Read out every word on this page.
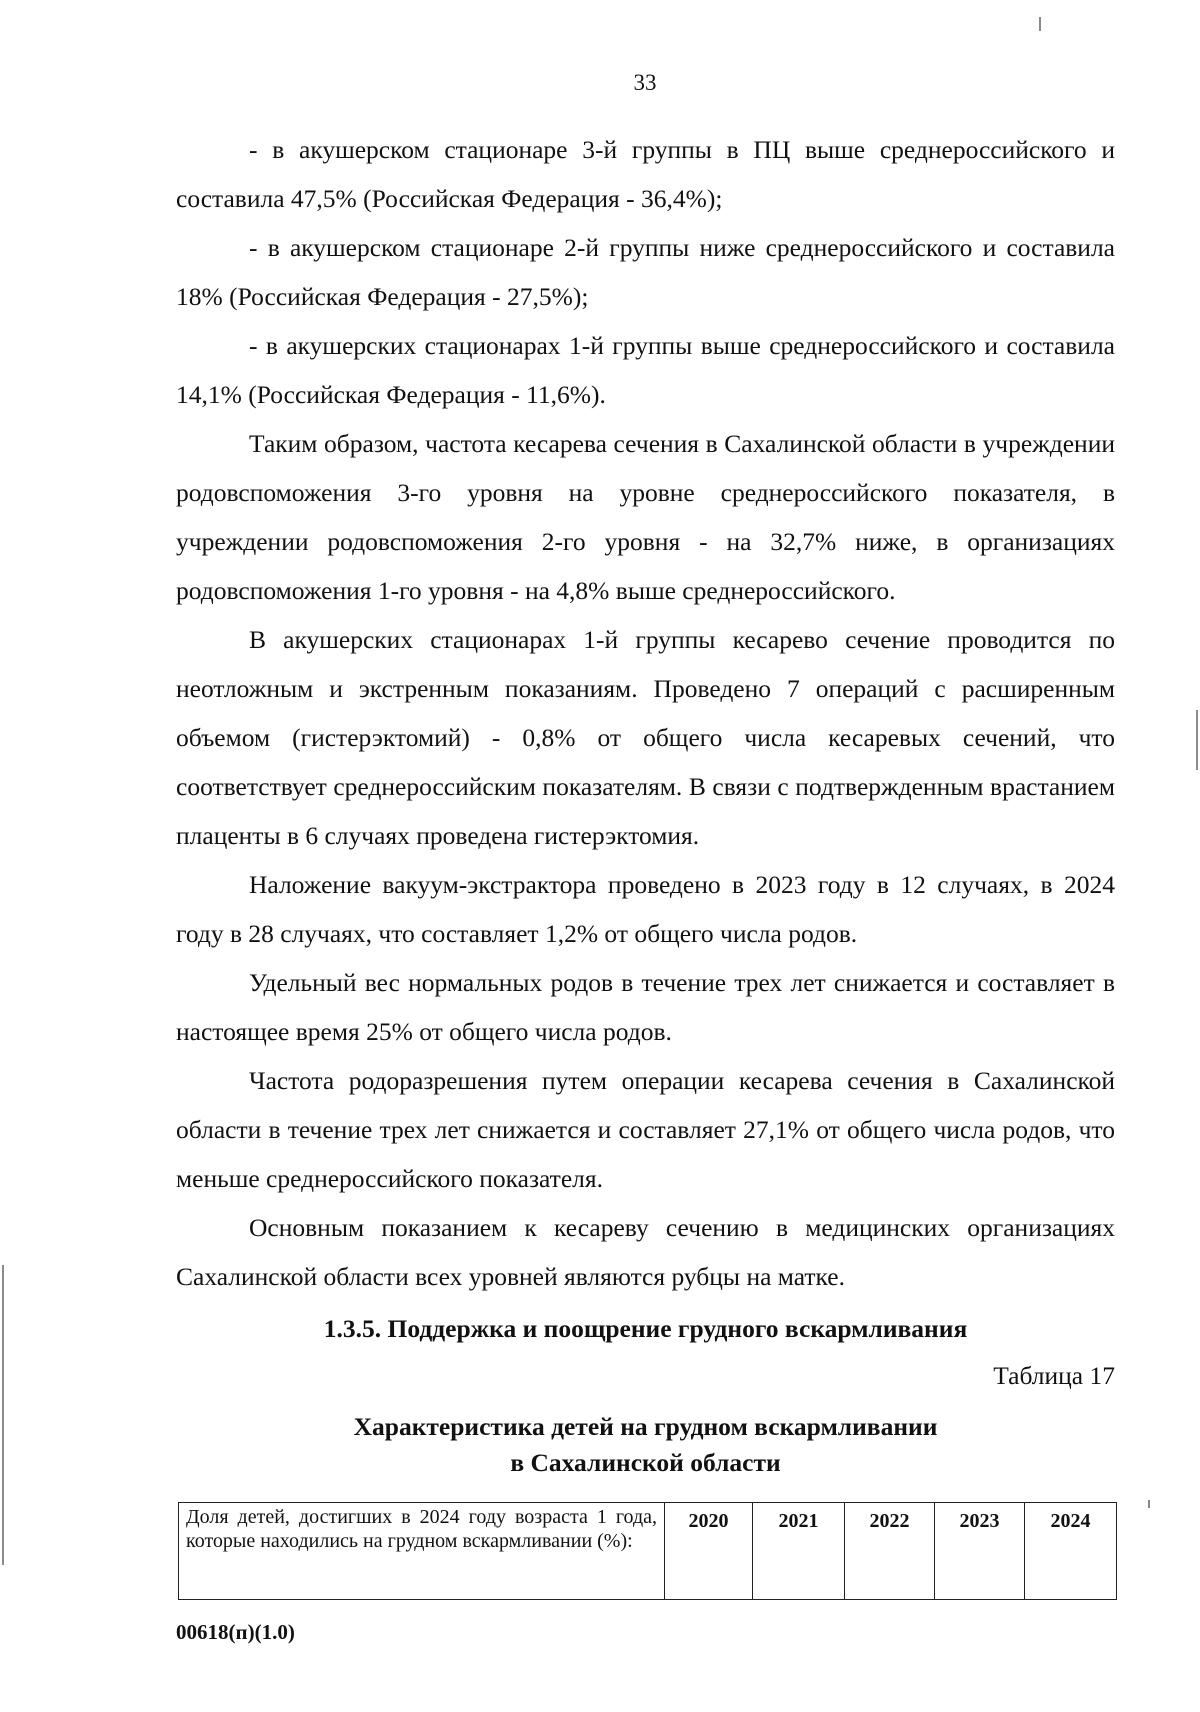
33

- в акушерском стационаре 3-й группы в ПЦ выше среднероссийского и составила 47,5% (Российская Федерация - 36,4%);

- в акушерском стационаре 2-й группы ниже среднероссийского и составила 18% (Российская Федерация - 27,5%);

- в акушерских стационарах 1-й группы выше среднероссийского и составила 14,1% (Российская Федерация - 11,6%).

Таким образом, частота кесарева сечения в Сахалинской области в учреждении родовспоможения 3-го уровня на уровне среднероссийского показателя, в учреждении родовспоможения 2-го уровня - на 32,7% ниже, в организациях родовспоможения 1-го уровня - на 4,8% выше среднероссийского.

В акушерских стационарах 1-й группы кесарево сечение проводится по неотложным и экстренным показаниям. Проведено 7 операций с расширенным объемом (гистерэктомий) - 0,8% от общего числа кесаревых сечений, что соответствует среднероссийским показателям. В связи с подтвержденным врастанием плаценты в 6 случаях проведена гистерэктомия.

Наложение вакуум-экстрактора проведено в 2023 году в 12 случаях, в 2024 году в 28 случаях, что составляет 1,2% от общего числа родов.

Удельный вес нормальных родов в течение трех лет снижается и составляет в настоящее время 25% от общего числа родов.

Частота родоразрешения путем операции кесарева сечения в Сахалинской области в течение трех лет снижается и составляет 27,1% от общего числа родов, что меньше среднероссийского показателя.

Основным показанием к кесареву сечению в медицинских организациях Сахалинской области всех уровней являются рубцы на матке.

1.3.5. Поддержка и поощрение грудного вскармливания
Таблица 17
Характеристика детей на грудном вскармливании
в Сахалинской области
Доля детей, достигших в 2024 году возраста 1 года, которые находились на грудном вскармливании (%):	2020	2021	2022	2023	2024
00618(п)(1.0)
